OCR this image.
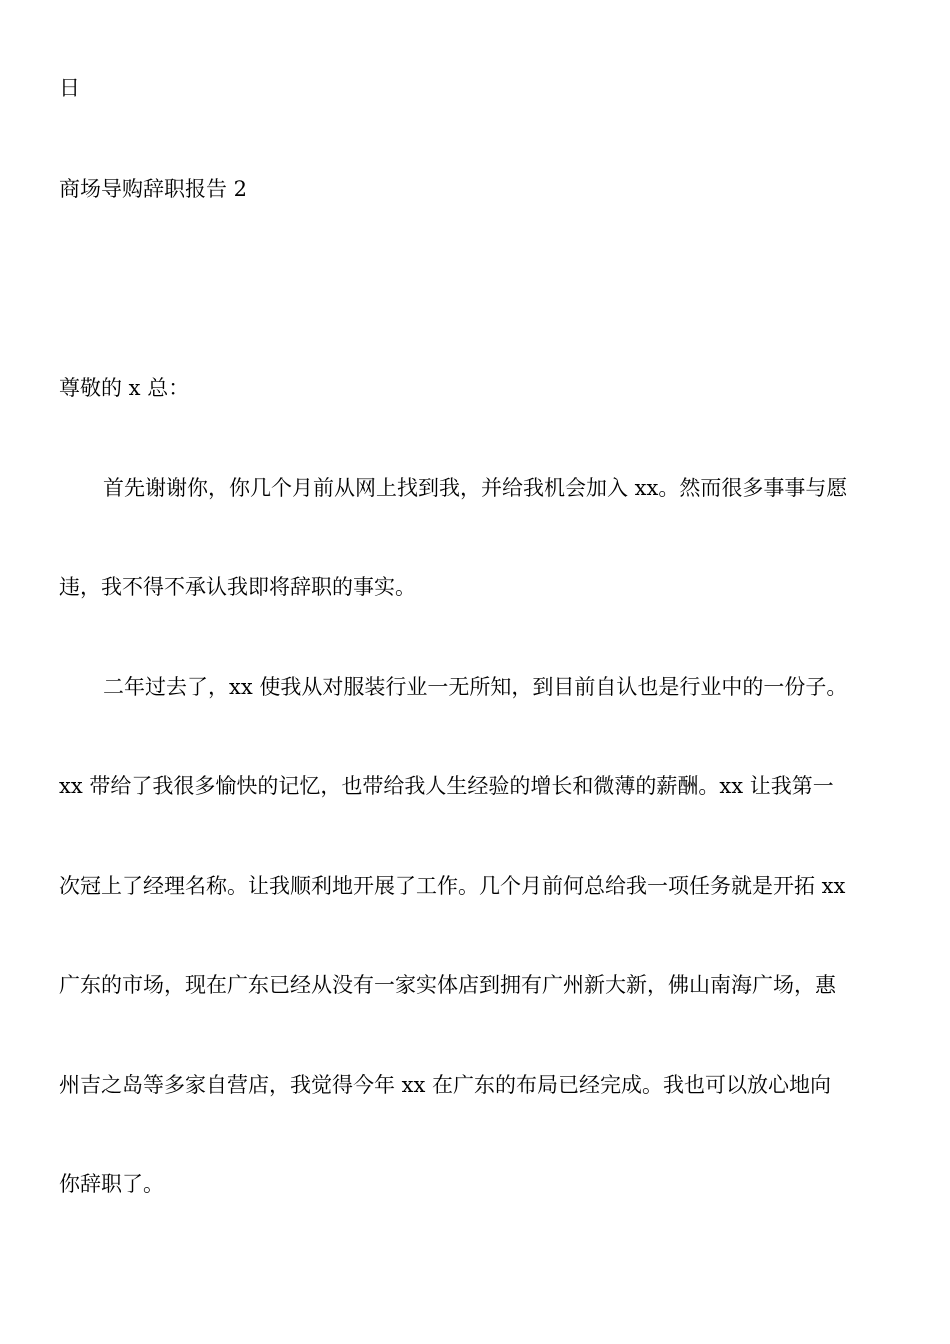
日

商场导购辞职报告 2

尊敬的 x 总：

首先谢谢你，你几个月前从网上找到我，并给我机会加入 xx。然而很多事事与愿

违，我不得不承认我即将辞职的事实。

二年过去了，xx 使我从对服装行业一无所知，到目前自认也是行业中的一份子。

xx 带给了我很多愉快的记忆，也带给我人生经验的增长和微薄的薪酬。xx 让我第一

次冠上了经理名称。让我顺利地开展了工作。几个月前何总给我一项任务就是开拓 xx

广东的市场，现在广东已经从没有一家实体店到拥有广州新大新，佛山南海广场，惠

州吉之岛等多家自营店，我觉得今年 xx 在广东的布局已经完成。我也可以放心地向

你辞职了。
